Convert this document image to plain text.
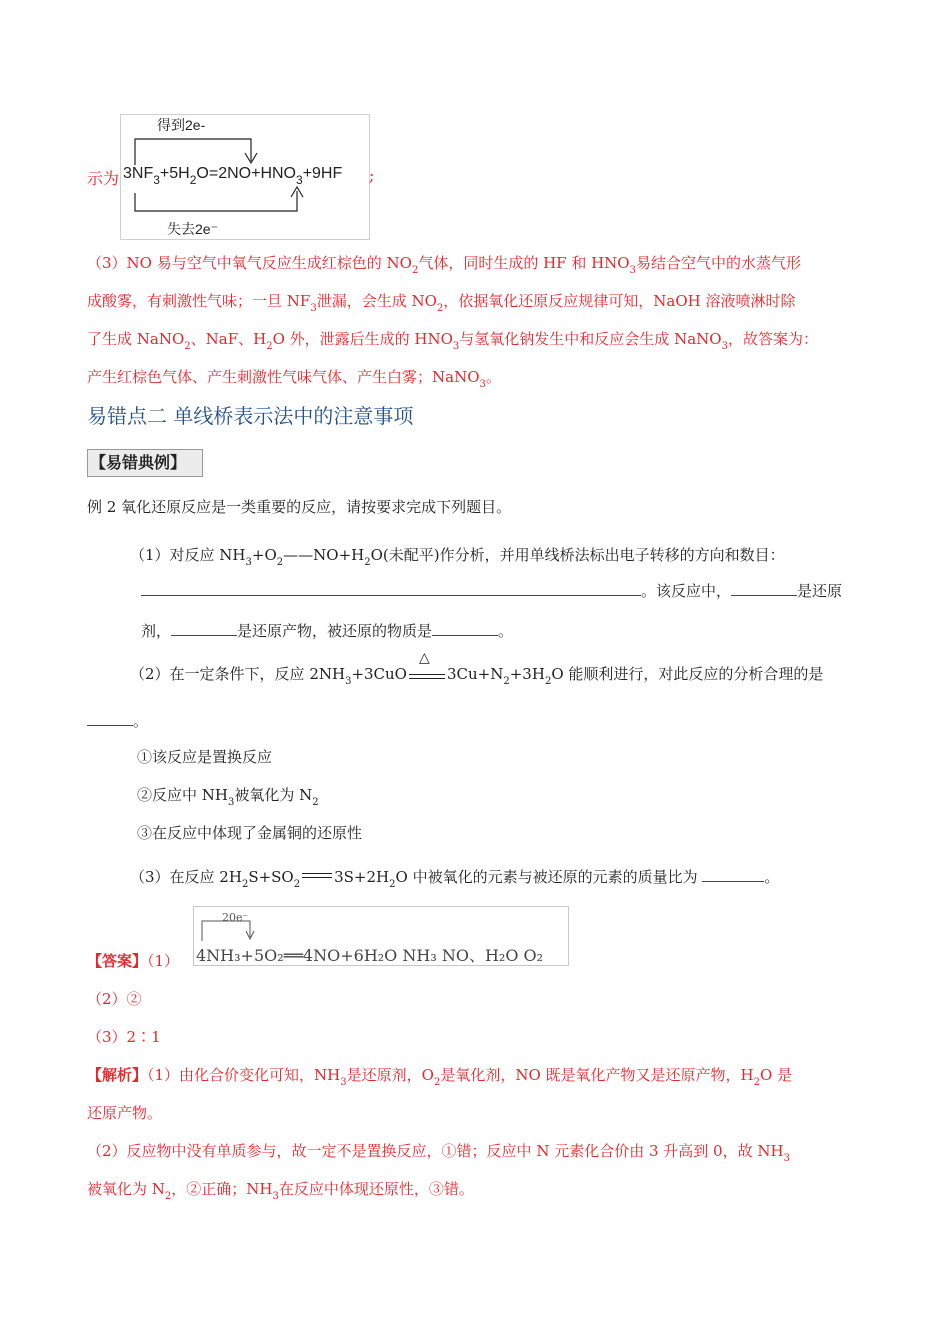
示为
得到2e-
$3NF_3+5H_2O=2NO+HNO_3+9HF$
失去2e⁻
;
（3）NO 易与空气中氧气反应生成红棕色的 $NO_2$气体，同时生成的 HF 和 $HNO_3$易结合空气中的水蒸气形
成酸雾，有刺激性气味；一旦 $NF_3$泄漏，会生成 $NO_2$，依据氧化还原反应规律可知，NaOH 溶液喷淋时除
了生成 NaNO$_2$、NaF、$H_2O$ 外，泄露后生成的 $HNO_3$与氢氧化钠发生中和反应会生成 NaNO$_3$，故答案为：
产生红棕色气体、产生刺激性气味气体、产生白雾；NaNO$_3$。
易错点二 单线桥表示法中的注意事项
【易错典例】
例 2 氧化还原反应是一类重要的反应，请按要求完成下列题目。
（1）对反应 $NH_3+O_2——NO+H_2O$(未配平)作分析，并用单线桥法标出电子转移的方向和数目：
。该反应中，	是还原
剂，	是还原产物，被还原的物质是	。
（2）在一定条件下，反应 $2NH_3+3CuO$
△
$3Cu+N_2+3H_2O$ 能顺利进行，对此反应的分析合理的是
。
①该反应是置换反应
②反应中 $NH_3$被氧化为 $N_2$
③在反应中体现了金属铜的还原性
（3）在反应 $2H_2S+SO_2$ $3S+2H_2O$ 中被氧化的元素与被还原的元素的质量比为	。
【答案】（1）
20e⁻
4NH₃+5O₂══4NO+6H₂O NH₃ NO、H₂O O₂
（2）②
（3）2∶1
【解析】（1）由化合价变化可知，$NH_3$是还原剂，$O_2$是氧化剂，NO 既是氧化产物又是还原产物，$H_2O$ 是
还原产物。
（2）反应物中没有单质参与，故一定不是置换反应，①错；反应中 N 元素化合价由 3 升高到 0，故 $NH_3$
被氧化为 $N_2$，②正确；$NH_3$在反应中体现还原性，③错。
